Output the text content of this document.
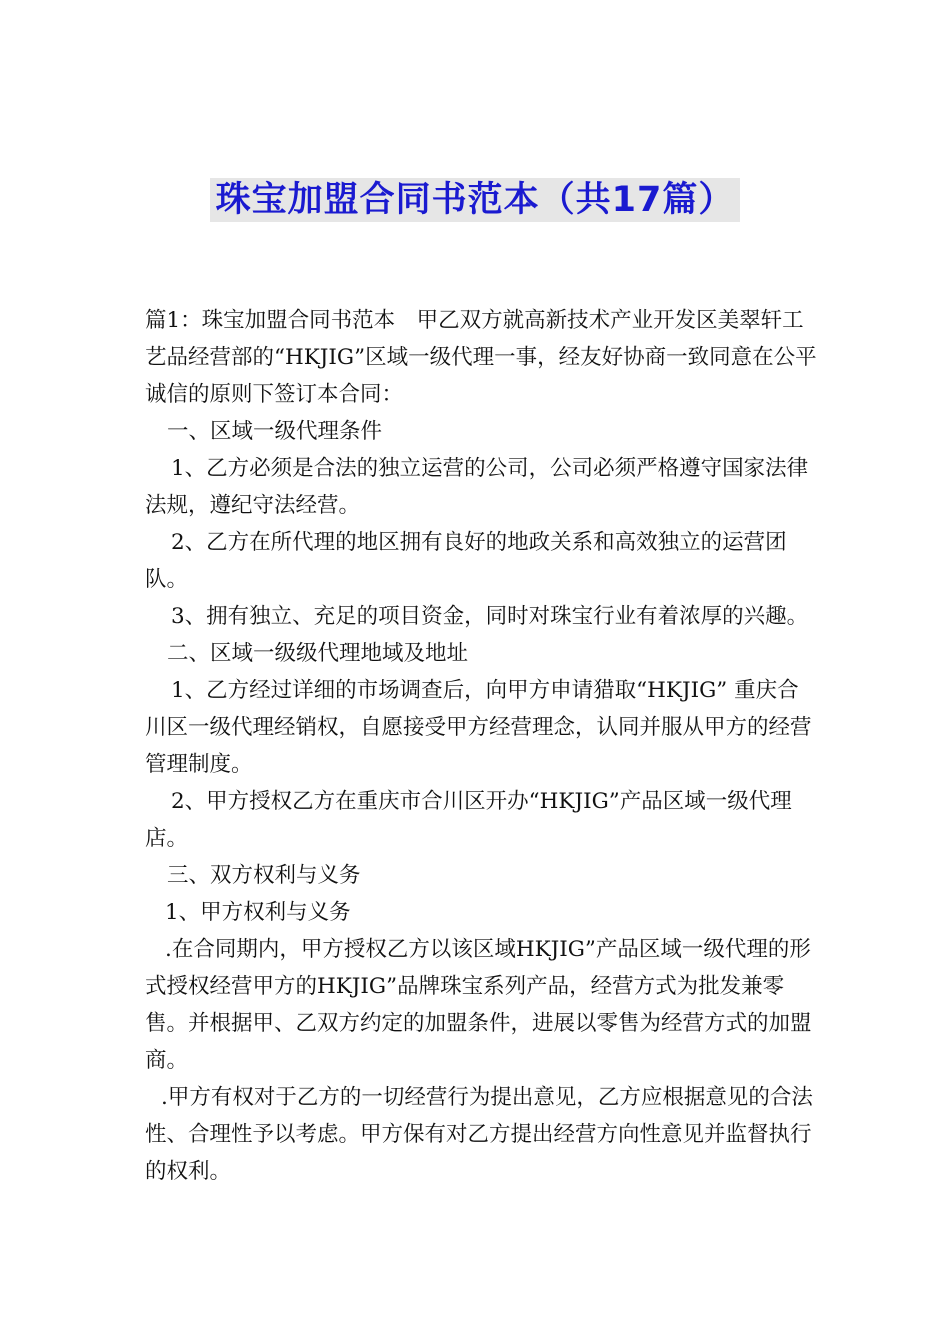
珠宝加盟合同书范本（共17篇）

篇1：珠宝加盟合同书范本　甲乙双方就高新技术产业开发区美翠轩工艺品经营部的“HKJIG”区域一级代理一事，经友好协商一致同意在公平诚信的原则下签订本合同：

一、区域一级代理条件

1、乙方必须是合法的独立运营的公司，公司必须严格遵守国家法律法规，遵纪守法经营。

2、乙方在所代理的地区拥有良好的地政关系和高效独立的运营团队。

3、拥有独立、充足的项目资金，同时对珠宝行业有着浓厚的兴趣。

二、区域一级级代理地域及地址

1、乙方经过详细的市场调查后，向甲方申请猎取“HKJIG” 重庆合川区一级代理经销权，自愿接受甲方经营理念，认同并服从甲方的经营管理制度。

2、甲方授权乙方在重庆市合川区开办“HKJIG”产品区域一级代理店。

三、双方权利与义务

1、甲方权利与义务

.在合同期内，甲方授权乙方以该区域HKJIG”产品区域一级代理的形式授权经营甲方的HKJIG”品牌珠宝系列产品，经营方式为批发兼零售。并根据甲、乙双方约定的加盟条件，进展以零售为经营方式的加盟商。

.甲方有权对于乙方的一切经营行为提出意见，乙方应根据意见的合法性、合理性予以考虑。甲方保有对乙方提出经营方向性意见并监督执行的权利。
